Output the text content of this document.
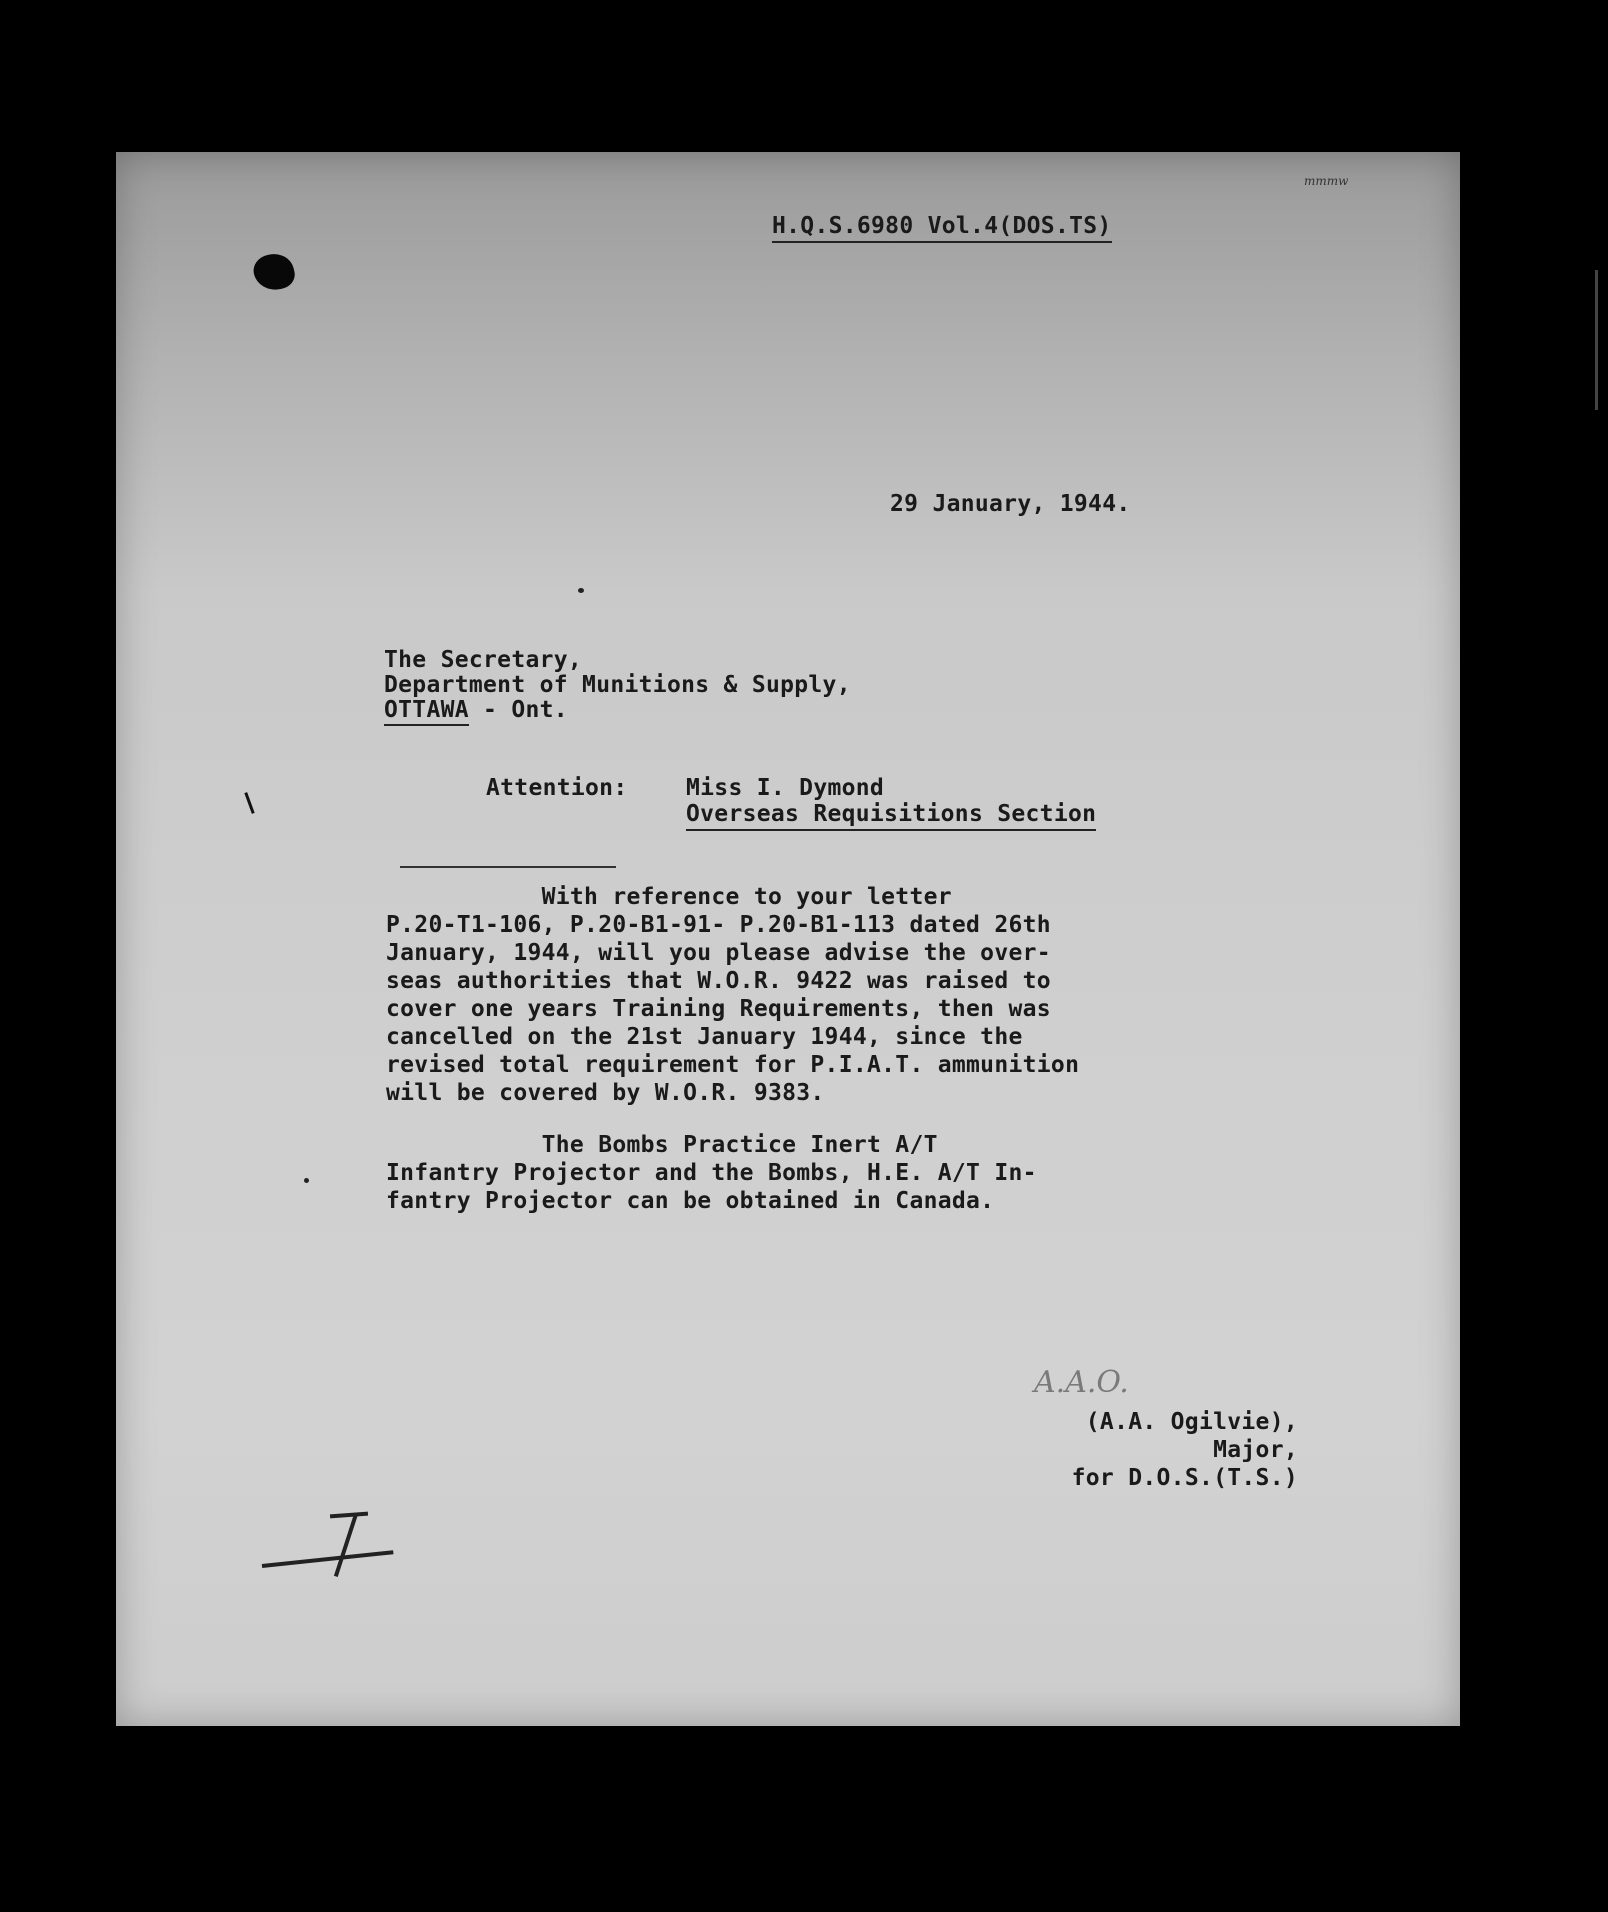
mmmw
H.Q.S.6980 Vol.4(DOS.TS)
29 January, 1944.
The Secretary,
Department of Munitions & Supply,
OTTAWA - Ont.
Attention:	Miss I. Dymond
Overseas Requisitions Section
With reference to your letter
P.20-T1-106, P.20-B1-91- P.20-B1-113 dated 26th
January, 1944, will you please advise the over-
seas authorities that W.O.R. 9422 was raised to
cover one years Training Requirements, then was
cancelled on the 21st January 1944, since the
revised total requirement for P.I.A.T. ammunition
will be covered by W.O.R. 9383.
The Bombs Practice Inert A/T
Infantry Projector and the Bombs, H.E. A/T In-
fantry Projector can be obtained in Canada.
A.A.O.
(A.A. Ogilvie),
Major,
for D.O.S.(T.S.)
